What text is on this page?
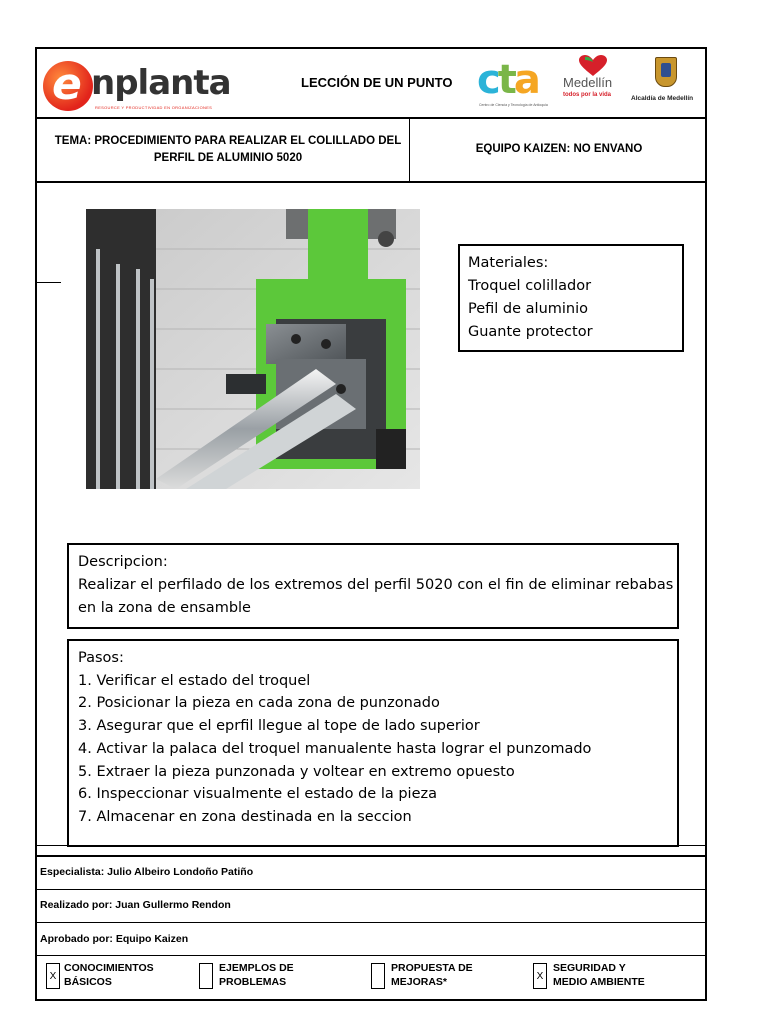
e nplanta
RESOURCE Y PRODUCTIVIDAD EN ORGANIZACIONES
LECCIÓN DE UN PUNTO cta
Centro de Ciencia y Tecnología de Antioquia
Medellín
todos por la vida	Alcaldía de Medellín
TEMA: PROCEDIMIENTO PARA REALIZAR EL COLILLADO DEL
PERFIL DE ALUMINIO 5020
EQUIPO KAIZEN: NO ENVANO
Materiales:
Troquel colillador
Pefil de aluminio
Guante protector
Descripcion:
Realizar el perfilado de los extremos del perfil 5020 con el fin de eliminar rebabas
en la zona de ensamble
Pasos:
1. Verificar el estado del troquel
2. Posicionar la pieza en cada zona de punzonado
3. Asegurar que el eprfil llegue al tope de lado superior
4. Activar la palaca del troquel manualente hasta lograr el punzomado
5. Extraer la pieza punzonada y voltear en extremo opuesto
6. Inspeccionar visualmente el estado de la pieza
7. Almacenar en zona destinada en la seccion
Especialista: Julio Albeiro Londoño Patiño
Realizado por: Juan Gullermo Rendon
Aprobado por: Equipo Kaizen
X
CONOCIMIENTOS
BÁSICOS
EJEMPLOS DE
PROBLEMAS
PROPUESTA DE
MEJORAS*	X
SEGURIDAD Y
MEDIO AMBIENTE
